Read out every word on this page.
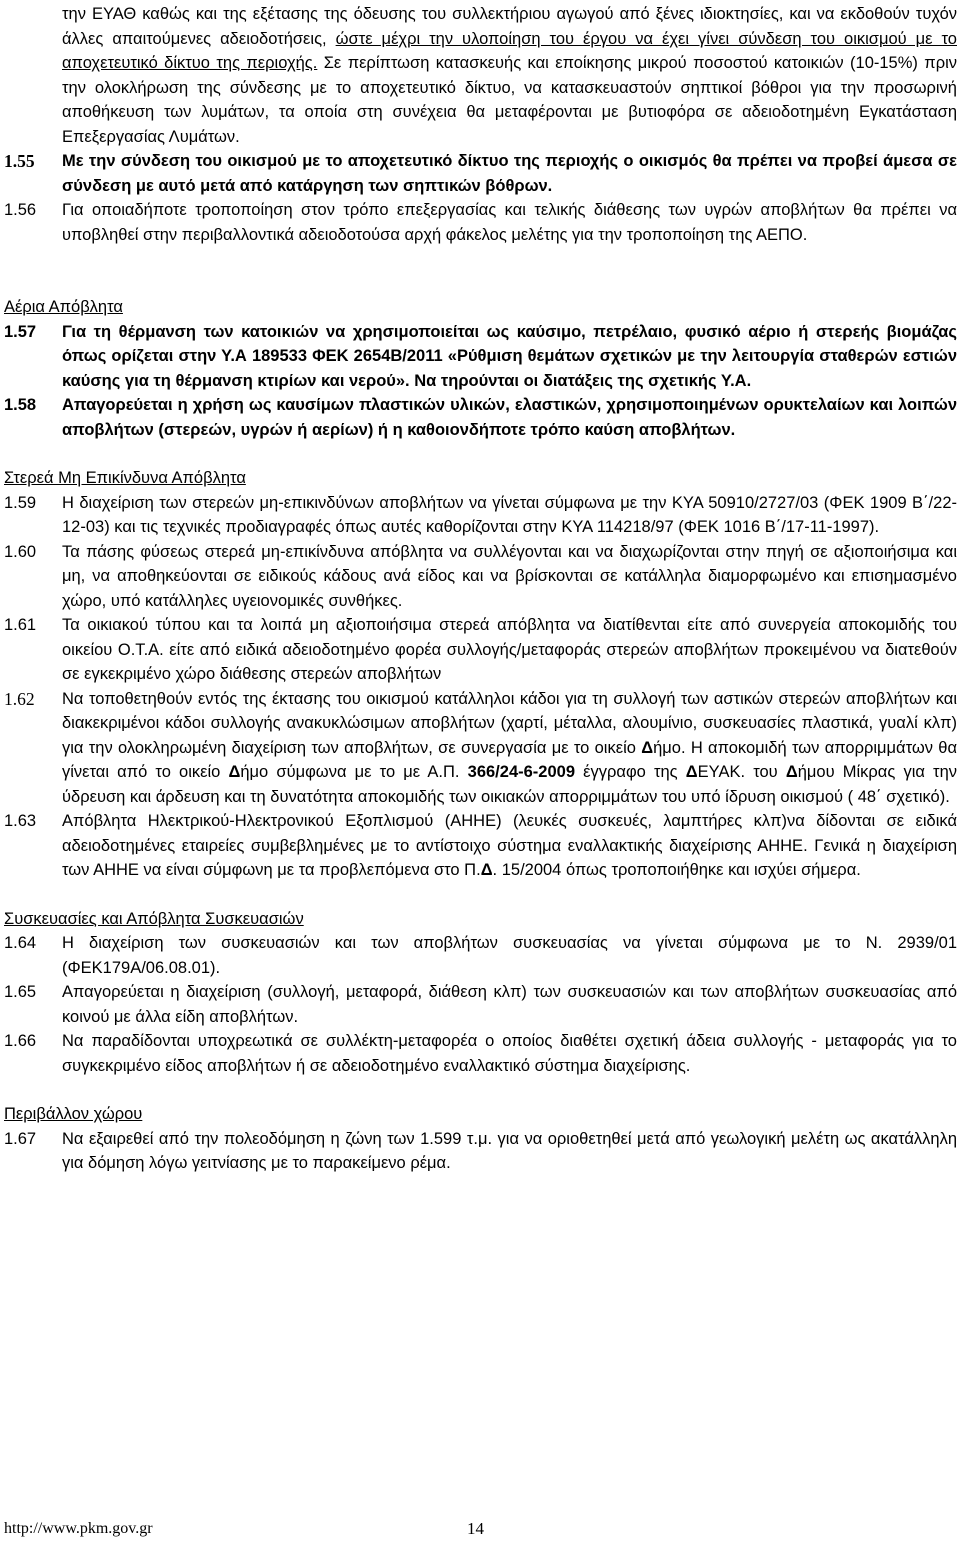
την ΕΥΑΘ καθώς και της εξέτασης της όδευσης του συλλεκτήριου αγωγού από ξένες ιδιοκτησίες, και να εκδοθούν τυχόν άλλες απαιτούμενες αδειοδοτήσεις, ώστε μέχρι την υλοποίηση του έργου να έχει γίνει σύνδεση του οικισμού με το αποχετευτικό δίκτυο της περιοχής. Σε περίπτωση κατασκευής και εποίκησης μικρού ποσοστού κατοικιών (10-15%) πριν την ολοκλήρωση της σύνδεσης με το αποχετευτικό δίκτυο, να κατασκευαστούν σηπτικοί βόθροι για την προσωρινή αποθήκευση των λυμάτων, τα οποία στη συνέχεια θα μεταφέρονται με βυτιοφόρα σε αδειοδοτημένη Εγκατάσταση Επεξεργασίας Λυμάτων.

1.55 Με την σύνδεση του οικισμού με το αποχετευτικό δίκτυο της περιοχής ο οικισμός θα πρέπει να προβεί άμεσα σε σύνδεση με αυτό μετά από κατάργηση των σηπτικών βόθρων.
1.56 Για οποιαδήποτε τροποποίηση στον τρόπο επεξεργασίας και τελικής διάθεσης των υγρών αποβλήτων θα πρέπει να υποβληθεί στην περιβαλλοντικά αδειοδοτούσα αρχή φάκελος μελέτης για την τροποποίηση της ΑΕΠΟ.

Αέρια Απόβλητα

1.57 Για τη θέρμανση των κατοικιών να χρησιμοποιείται ως καύσιμο, πετρέλαιο, φυσικό αέριο ή στερεής βιομάζας όπως ορίζεται στην Υ.Α 189533 ΦΕΚ 2654Β/2011 «Ρύθμιση θεμάτων σχετικών με την λειτουργία σταθερών εστιών καύσης για τη θέρμανση κτιρίων και νερού». Να τηρούνται οι διατάξεις της σχετικής Υ.Α.
1.58 Απαγορεύεται η χρήση ως καυσίμων πλαστικών υλικών, ελαστικών, χρησιμοποιημένων ορυκτελαίων και λοιπών αποβλήτων (στερεών, υγρών ή αερίων) ή η καθοιονδήποτε τρόπο καύση αποβλήτων.

Στερεά Μη Επικίνδυνα Απόβλητα

1.59 Η διαχείριση των στερεών μη-επικινδύνων αποβλήτων να γίνεται σύμφωνα με την ΚΥΑ 50910/2727/03 (ΦΕΚ 1909 Β΄/22-12-03) και τις τεχνικές προδιαγραφές όπως αυτές καθορίζονται στην ΚΥΑ 114218/97 (ΦΕΚ 1016 Β΄/17-11-1997).
1.60 Τα πάσης φύσεως στερεά μη-επικίνδυνα απόβλητα να συλλέγονται και να διαχωρίζονται στην πηγή σε αξιοποιήσιμα και μη, να αποθηκεύονται σε ειδικούς κάδους ανά είδος και να βρίσκονται σε κατάλληλα διαμορφωμένο και επισημασμένο χώρο, υπό κατάλληλες υγειονομικές συνθήκες.
1.61 Τα οικιακού τύπου και τα λοιπά μη αξιοποιήσιμα στερεά απόβλητα να διατίθενται είτε από συνεργεία αποκομιδής του οικείου Ο.Τ.Α. είτε από ειδικά αδειοδοτημένο φορέα συλλογής/μεταφοράς στερεών αποβλήτων προκειμένου να διατεθούν σε εγκεκριμένο χώρο διάθεσης στερεών αποβλήτων
1.62 Να τοποθετηθούν εντός της έκτασης του οικισμού κατάλληλοι κάδοι για τη συλλογή των αστικών στερεών αποβλήτων και διακεκριμένοι κάδοι συλλογής ανακυκλώσιμων αποβλήτων (χαρτί, μέταλλα, αλουμίνιο, συσκευασίες πλαστικά, γυαλί κλπ) για την ολοκληρωμένη διαχείριση των αποβλήτων, σε συνεργασία με το οικείο Δήμο. Η αποκομιδή των απορριμμάτων θα γίνεται από το οικείο Δήμο σύμφωνα με το με Α.Π. 366/24-6-2009 έγγραφο της ΔΕΥΑΚ. του Δήμου Μίκρας για την ύδρευση και άρδευση και τη δυνατότητα αποκομιδής των οικιακών απορριμμάτων του υπό ίδρυση οικισμού ( 48΄ σχετικό).
1.63 Απόβλητα Ηλεκτρικού-Ηλεκτρονικού Εξοπλισμού (ΑΗΗΕ) (λευκές συσκευές, λαμπτήρες κλπ)να δίδονται σε ειδικά αδειοδοτημένες εταιρείες συμβεβλημένες με το αντίστοιχο σύστημα εναλλακτικής διαχείρισης ΑΗΗΕ. Γενικά η διαχείριση των ΑΗΗΕ να είναι σύμφωνη με τα προβλεπόμενα στο Π.Δ. 15/2004 όπως τροποποιήθηκε και ισχύει σήμερα.

Συσκευασίες και Απόβλητα Συσκευασιών

1.64 Η διαχείριση των συσκευασιών και των αποβλήτων συσκευασίας να γίνεται σύμφωνα με το Ν. 2939/01 (ΦΕΚ179Α/06.08.01).
1.65 Απαγορεύεται η διαχείριση (συλλογή, μεταφορά, διάθεση κλπ) των συσκευασιών και των αποβλήτων συσκευασίας από κοινού με άλλα είδη αποβλήτων.
1.66 Να παραδίδονται υποχρεωτικά σε συλλέκτη-μεταφορέα ο οποίος διαθέτει σχετική άδεια συλλογής - μεταφοράς για το συγκεκριμένο είδος αποβλήτων ή σε αδειοδοτημένο εναλλακτικό σύστημα διαχείρισης.

Περιβάλλον χώρου

1.67 Να εξαιρεθεί από την πολεοδόμηση η ζώνη των 1.599 τ.μ. για να οριοθετηθεί μετά από γεωλογική μελέτη ως ακατάλληλη για δόμηση λόγω γειτνίασης με το παρακείμενο ρέμα.
http://www.pkm.gov.gr	14
